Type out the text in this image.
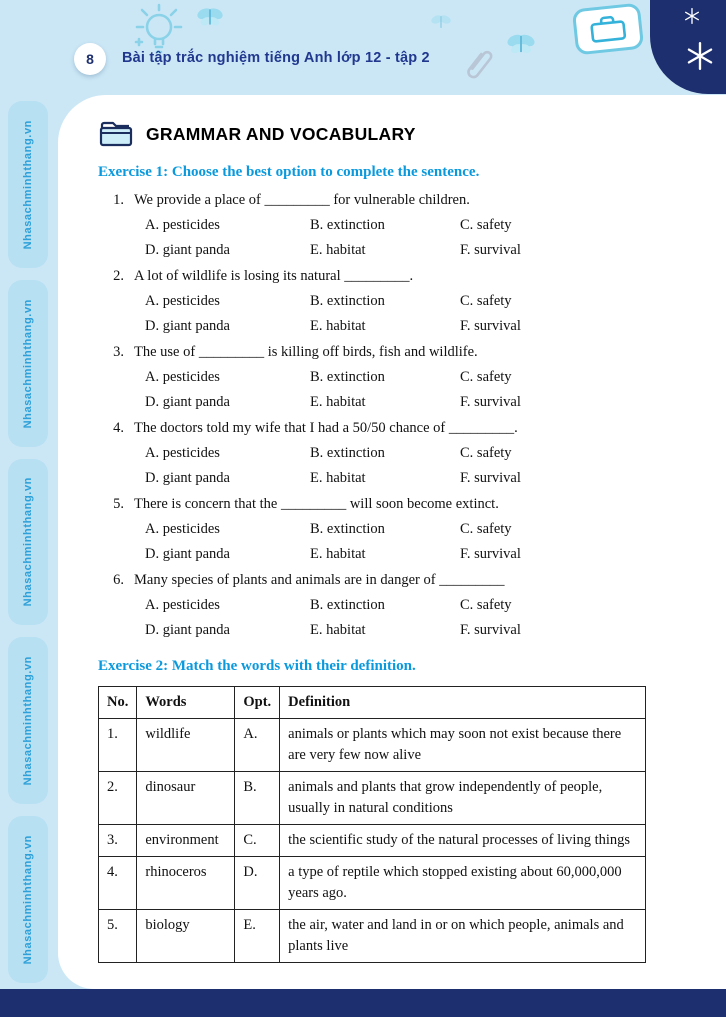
8 Bài tập trắc nghiệm tiếng Anh lớp 12 - tập 2
Nhasachminhthang.vn
Nhasachminhthang.vn
Nhasachminhthang.vn
Nhasachminhthang.vn
Nhasachminhthang.vn
GRAMMAR AND VOCABULARY
Exercise 1: Choose the best option to complete the sentence.
1. We provide a place of _________ for vulnerable children.
A. pesticides	B. extinction	C. safety
D. giant panda	E. habitat	F. survival
2. A lot of wildlife is losing its natural _________.
A. pesticides	B. extinction	C. safety
D. giant panda	E. habitat	F. survival
3. The use of _________ is killing off birds, fish and wildlife.
A. pesticides	B. extinction	C. safety
D. giant panda	E. habitat	F. survival
4. The doctors told my wife that I had a 50/50 chance of _________.
A. pesticides	B. extinction	C. safety
D. giant panda	E. habitat	F. survival
5. There is concern that the _________ will soon become extinct.
A. pesticides	B. extinction	C. safety
D. giant panda	E. habitat	F. survival
6. Many species of plants and animals are in danger of _________
A. pesticides	B. extinction	C. safety
D. giant panda	E. habitat	F. survival
Exercise 2: Match the words with their definition.
No.	Words	Opt.	Definition
1.	wildlife	A.	animals or plants which may soon not exist because there are very few now alive
2.	dinosaur	B.	animals and plants that grow independently of people, usually in natural conditions
3.	environment	C.	the scientific study of the natural processes of living things
4.	rhinoceros	D.	a type of reptile which stopped existing about 60,000,000 years ago.
5.	biology	E.	the air, water and land in or on which people, animals and plants live
